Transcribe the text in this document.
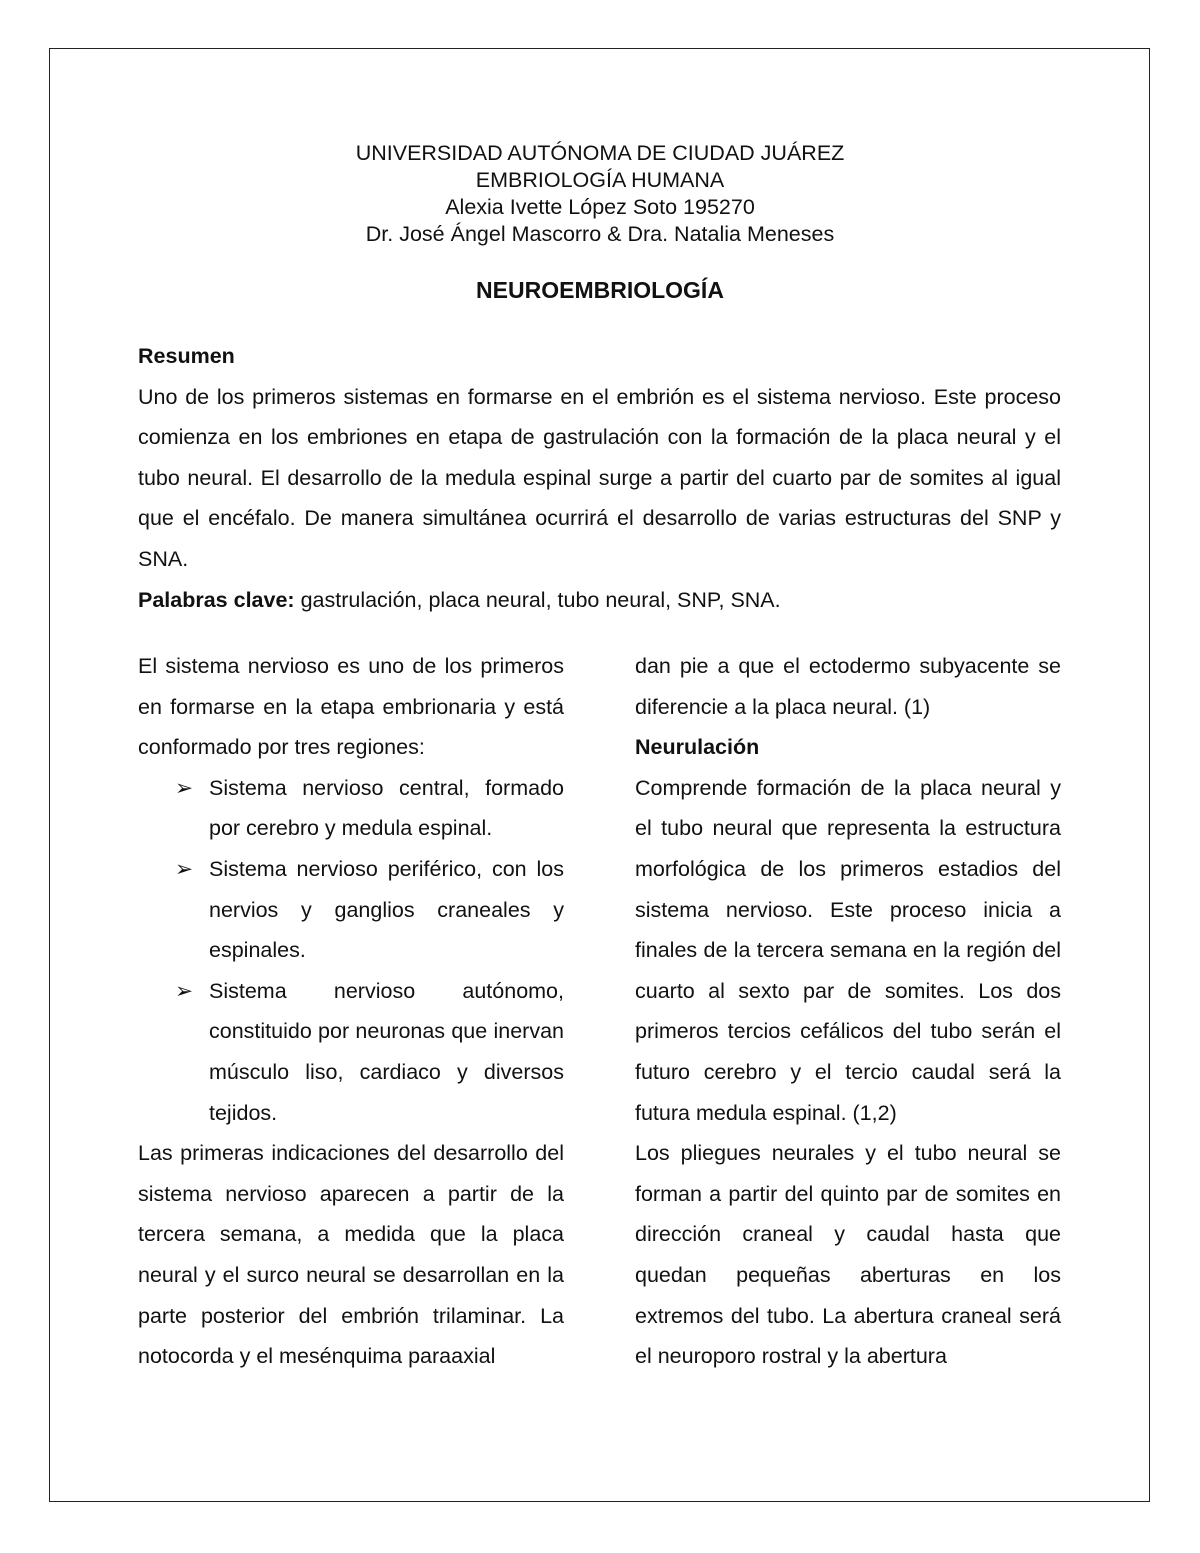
UNIVERSIDAD AUTÓNOMA DE CIUDAD JUÁREZ
EMBRIOLOGÍA HUMANA
Alexia Ivette López Soto 195270
Dr. José Ángel Mascorro & Dra. Natalia Meneses
NEUROEMBRIOLOGÍA

Resumen

Uno de los primeros sistemas en formarse en el embrión es el sistema nervioso. Este proceso comienza en los embriones en etapa de gastrulación con la formación de la placa neural y el tubo neural. El desarrollo de la medula espinal surge a partir del cuarto par de somites al igual que el encéfalo. De manera simultánea ocurrirá el desarrollo de varias estructuras del SNP y SNA.

Palabras clave: gastrulación, placa neural, tubo neural, SNP, SNA.

El sistema nervioso es uno de los primeros en formarse en la etapa embrionaria y está conformado por tres regiones:

➢ Sistema nervioso central, formado por cerebro y medula espinal.
➢ Sistema nervioso periférico, con los nervios y ganglios craneales y espinales.
➢ Sistema nervioso autónomo, constituido por neuronas que inervan músculo liso, cardiaco y diversos tejidos.

Las primeras indicaciones del desarrollo del sistema nervioso aparecen a partir de la tercera semana, a medida que la placa neural y el surco neural se desarrollan en la parte posterior del embrión trilaminar. La notocorda y el mesénquima paraaxial

dan pie a que el ectodermo subyacente se diferencie a la placa neural. (1)

Neurulación

Comprende formación de la placa neural y el tubo neural que representa la estructura morfológica de los primeros estadios del sistema nervioso. Este proceso inicia a finales de la tercera semana en la región del cuarto al sexto par de somites. Los dos primeros tercios cefálicos del tubo serán el futuro cerebro y el tercio caudal será la futura medula espinal. (1,2)

Los pliegues neurales y el tubo neural se forman a partir del quinto par de somites en dirección craneal y caudal hasta que quedan pequeñas aberturas en los extremos del tubo. La abertura craneal será el neuroporo rostral y la abertura
